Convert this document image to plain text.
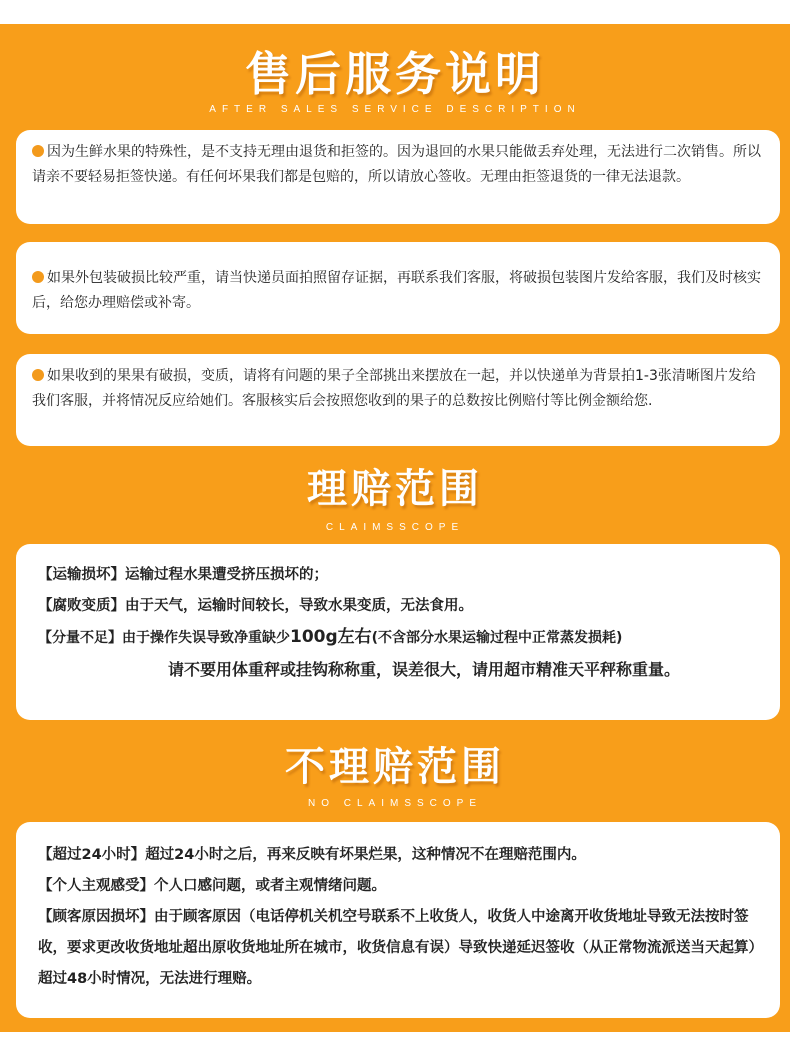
售后服务说明
AFTER SALES SERVICE DESCRIPTION
因为生鲜水果的特殊性，是不支持无理由退货和拒签的。因为退回的水果只能做丢弃处理，无法进行二次销售。所以请亲不要轻易拒签快递。有任何坏果我们都是包赔的，所以请放心签收。无理由拒签退货的一律无法退款。
如果外包装破损比较严重，请当快递员面拍照留存证据，再联系我们客服，将破损包装图片发给客服，我们及时核实后，给您办理赔偿或补寄。
如果收到的果果有破损，变质，请将有问题的果子全部挑出来摆放在一起，并以快递单为背景拍1-3张清晰图片发给我们客服，并将情况反应给她们。客服核实后会按照您收到的果子的总数按比例赔付等比例金额给您.
理赔范围
CLAIMSSCOPE
【运输损坏】运输过程水果遭受挤压损坏的；
【腐败变质】由于天气，运输时间较长，导致水果变质，无法食用。
【分量不足】由于操作失误导致净重缺少100g左右(不含部分水果运输过程中正常蒸发损耗)
请不要用体重秤或挂钩称称重，误差很大，请用超市精准天平秤称重量。
不理赔范围
NO CLAIMSSCOPE
【超过24小时】超过24小时之后，再来反映有坏果烂果，这种情况不在理赔范围内。
【个人主观感受】个人口感问题，或者主观情绪问题。
【顾客原因损坏】由于顾客原因（电话停机关机空号联系不上收货人，收货人中途离开收货地址导致无法按时签收，要求更改收货地址超出原收货地址所在城市，收货信息有误）导致快递延迟签收（从正常物流派送当天起算）超过48小时情况，无法进行理赔。
